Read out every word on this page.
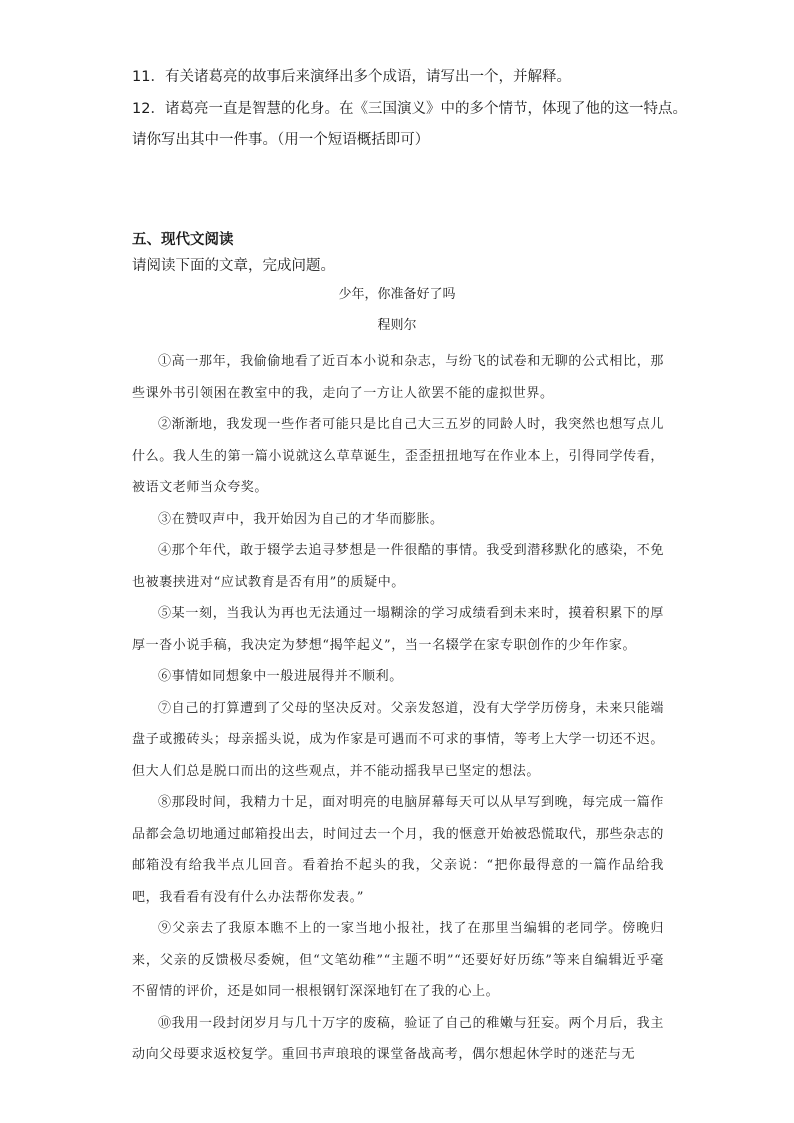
11．有关诸葛亮的故事后来演绎出多个成语，请写出一个，并解释。
12．诸葛亮一直是智慧的化身。在《三国演义》中的多个情节，体现了他的这一特点。
请你写出其中一件事。（用一个短语概括即可）
五、现代文阅读
请阅读下面的文章，完成问题。
少年，你准备好了吗
程则尔

①高一那年，我偷偷地看了近百本小说和杂志，与纷飞的试卷和无聊的公式相比，那些课外书引领困在教室中的我，走向了一方让人欲罢不能的虚拟世界。

②渐渐地，我发现一些作者可能只是比自己大三五岁的同龄人时，我突然也想写点儿什么。我人生的第一篇小说就这么草草诞生，歪歪扭扭地写在作业本上，引得同学传看，被语文老师当众夸奖。

③在赞叹声中，我开始因为自己的才华而膨胀。

④那个年代，敢于辍学去追寻梦想是一件很酷的事情。我受到潜移默化的感染，不免也被裹挟进对“应试教育是否有用”的质疑中。

⑤某一刻，当我认为再也无法通过一塌糊涂的学习成绩看到未来时，摸着积累下的厚厚一沓小说手稿，我决定为梦想“揭竿起义”，当一名辍学在家专职创作的少年作家。

⑥事情如同想象中一般进展得并不顺利。

⑦自己的打算遭到了父母的坚决反对。父亲发怒道，没有大学学历傍身，未来只能端盘子或搬砖头；母亲摇头说，成为作家是可遇而不可求的事情，等考上大学一切还不迟。但大人们总是脱口而出的这些观点，并不能动摇我早已坚定的想法。

⑧那段时间，我精力十足，面对明亮的电脑屏幕每天可以从早写到晚，每完成一篇作品都会急切地通过邮箱投出去，时间过去一个月，我的惬意开始被恐慌取代，那些杂志的邮箱没有给我半点儿回音。看着抬不起头的我，父亲说：“把你最得意的一篇作品给我吧，我看看有没有什么办法帮你发表。”

⑨父亲去了我原本瞧不上的一家当地小报社，找了在那里当编辑的老同学。傍晚归来，父亲的反馈极尽委婉，但“文笔幼稚”“主题不明”“还要好好历练”等来自编辑近乎毫不留情的评价，还是如同一根根钢钉深深地钉在了我的心上。

⑩我用一段封闭岁月与几十万字的废稿，验证了自己的稚嫩与狂妄。两个月后，我主动向父母要求返校复学。重回书声琅琅的课堂备战高考，偶尔想起休学时的迷茫与无
